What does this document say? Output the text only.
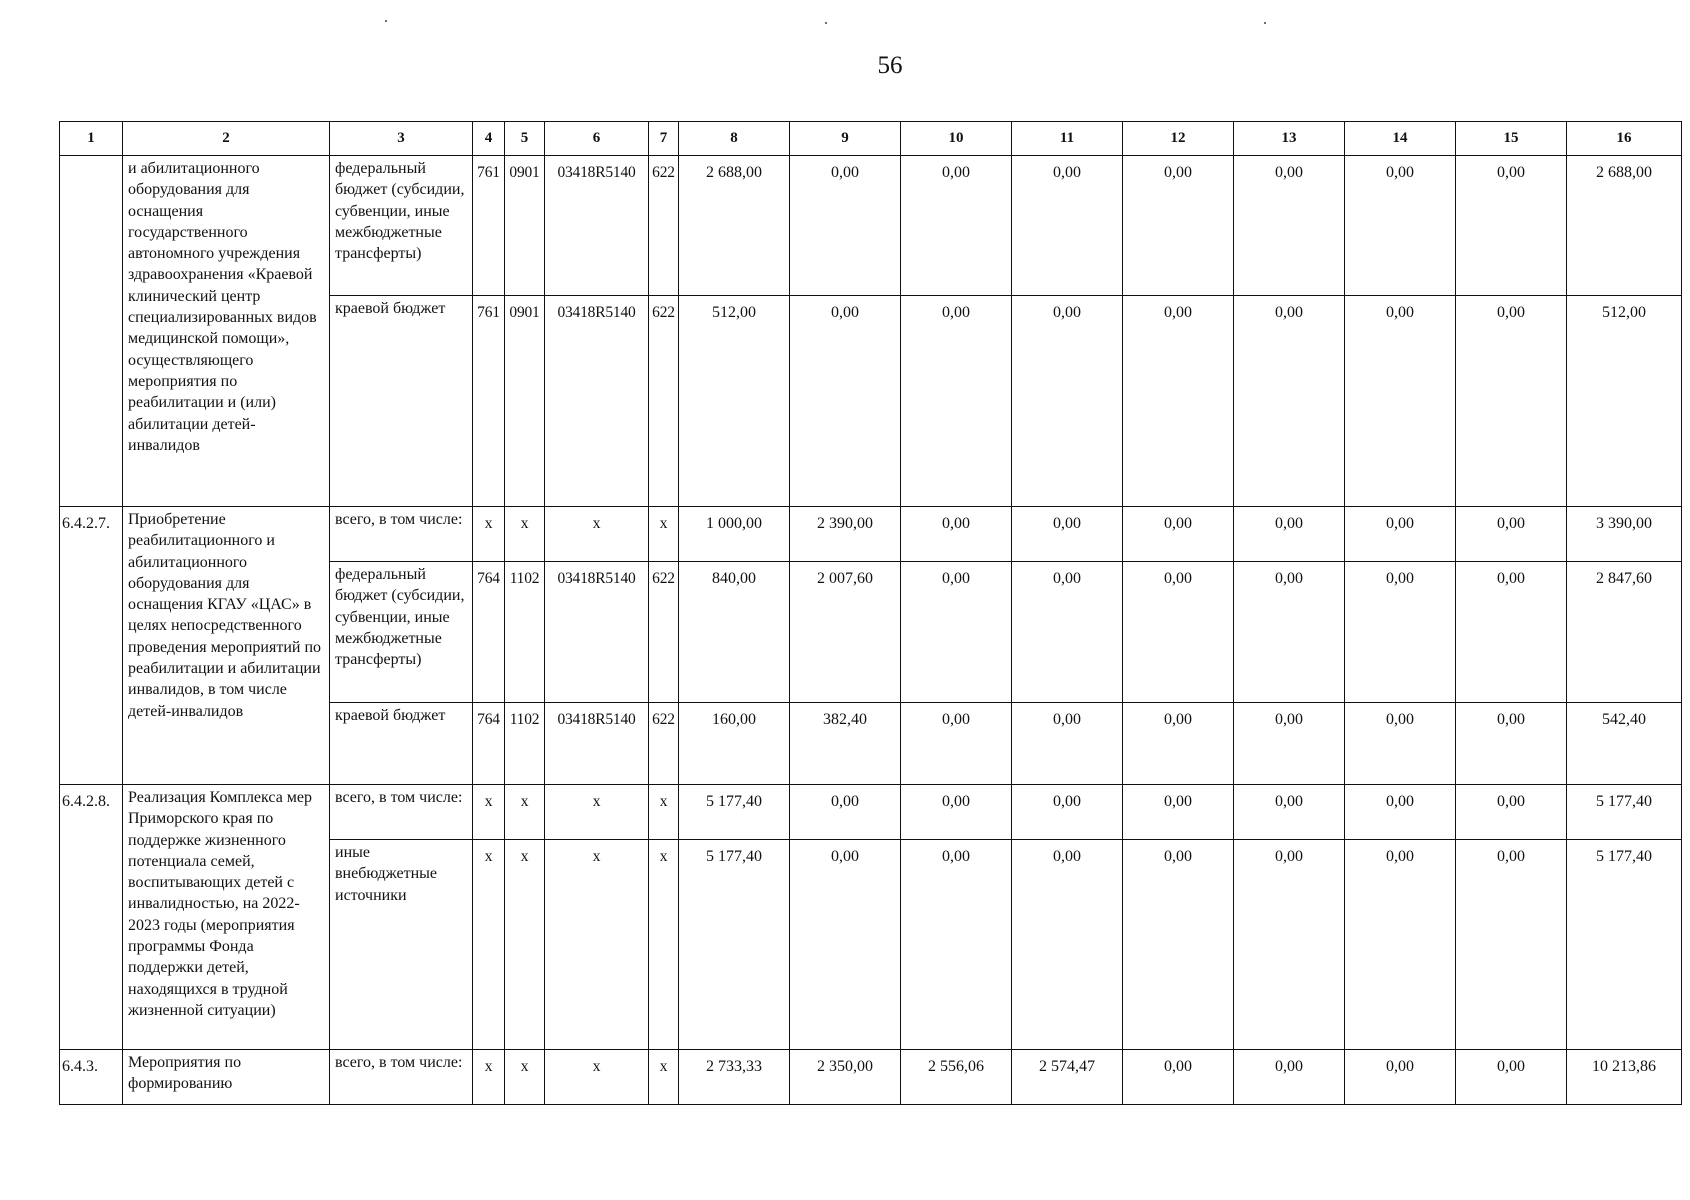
56
1	2	3	4	5	6	7	8	9	10	11	12	13	14	15	16
	и абилитационного оборудования для оснащения государственного автономного учреждения здравоохранения «Краевой клинический центр специализированных видов медицинской помощи», осуществляющего мероприятия по реабилитации и (или) абилитации детей-инвалидов	федеральный бюджет (субсидии, субвенции, иные межбюджетные трансферты)	761	0901	03418R5140	622	2 688,00	0,00	0,00	0,00	0,00	0,00	0,00	0,00	2 688,00
		краевой бюджет	761	0901	03418R5140	622	512,00	0,00	0,00	0,00	0,00	0,00	0,00	0,00	512,00
6.4.2.7.	Приобретение реабилитационного и абилитационного оборудования для оснащения КГАУ «ЦАС» в целях непосредственного проведения мероприятий по реабилитации и абилитации инвалидов, в том числе детей-инвалидов	всего, в том числе:	х	х	х	х	1 000,00	2 390,00	0,00	0,00	0,00	0,00	0,00	0,00	3 390,00
		федеральный бюджет (субсидии, субвенции, иные межбюджетные трансферты)	764	1102	03418R5140	622	840,00	2 007,60	0,00	0,00	0,00	0,00	0,00	0,00	2 847,60
		краевой бюджет	764	1102	03418R5140	622	160,00	382,40	0,00	0,00	0,00	0,00	0,00	0,00	542,40
6.4.2.8.	Реализация Комплекса мер Приморского края по поддержке жизненного потенциала семей, воспитывающих детей с инвалидностью, на 2022-2023 годы (мероприятия программы Фонда поддержки детей, находящихся в трудной жизненной ситуации)	всего, в том числе:	х	х	х	х	5 177,40	0,00	0,00	0,00	0,00	0,00	0,00	0,00	5 177,40
		иные внебюджетные источники	х	х	х	х	5 177,40	0,00	0,00	0,00	0,00	0,00	0,00	0,00	5 177,40
6.4.3.	Мероприятия по формированию	всего, в том числе:	х	х	х	х	2 733,33	2 350,00	2 556,06	2 574,47	0,00	0,00	0,00	0,00	10 213,86
